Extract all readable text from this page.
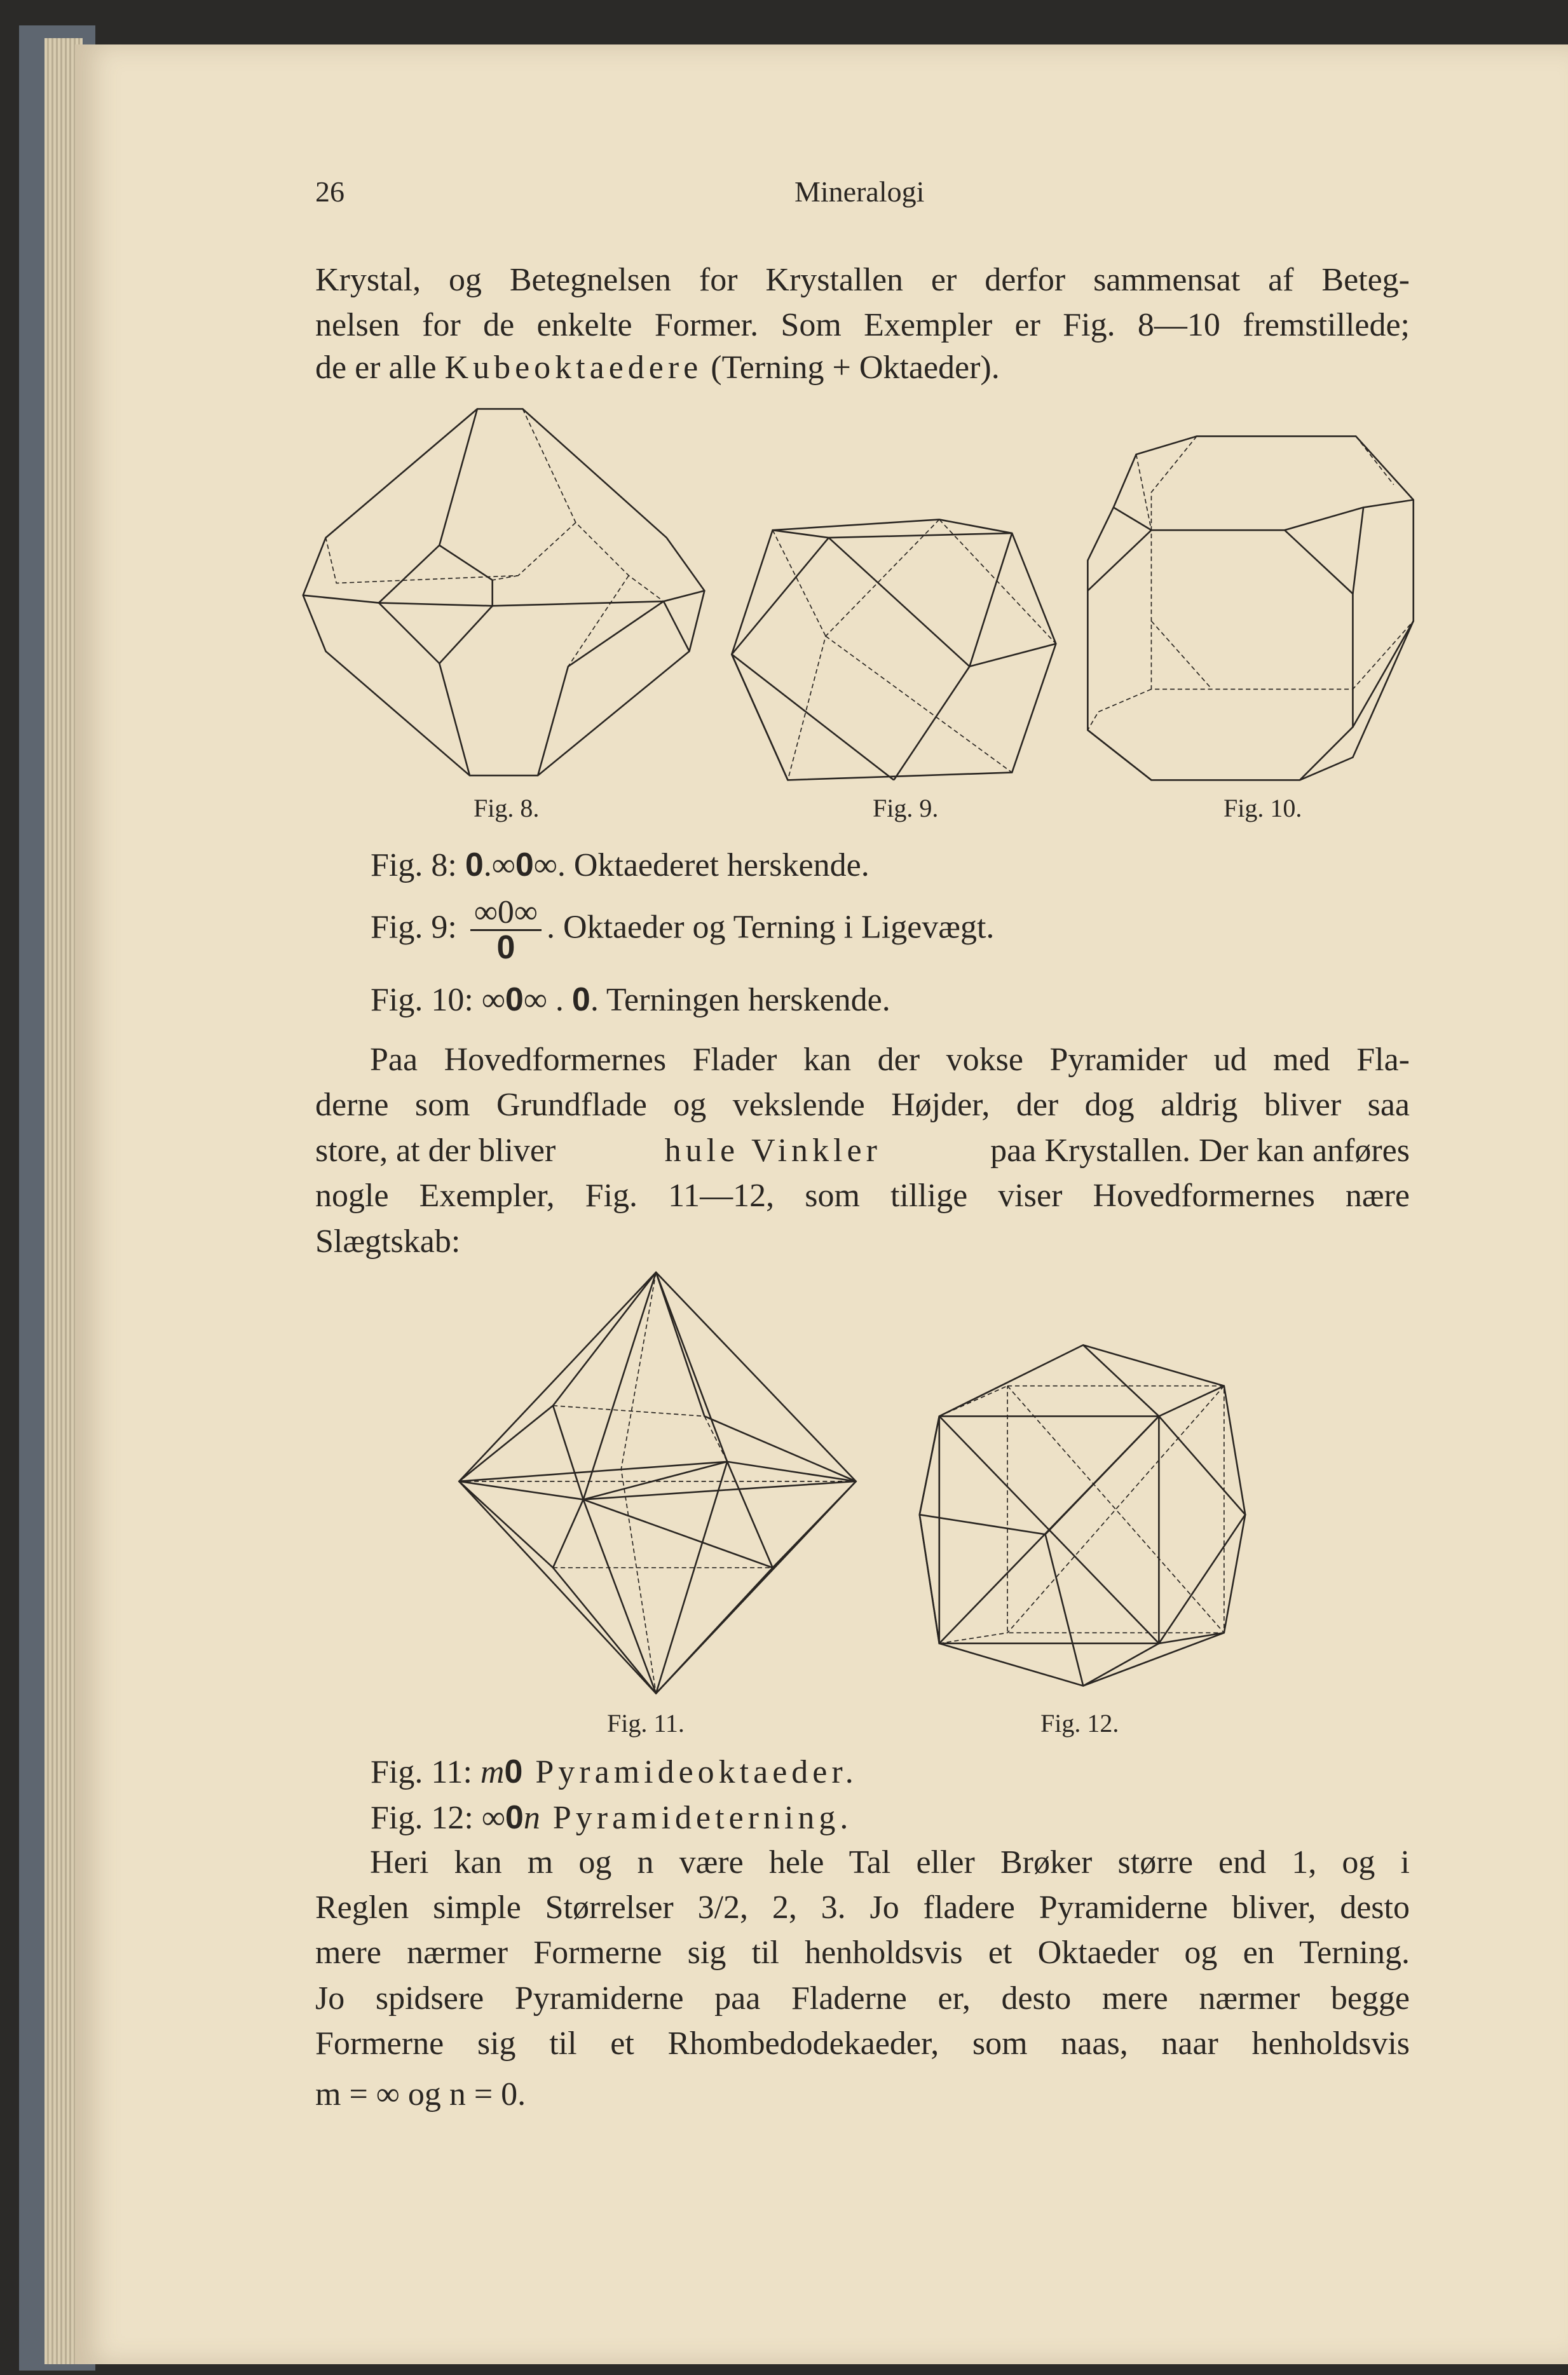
26	Mineralogi
Krystal, og Betegnelsen for Krystallen er derfor sammensat af Beteg-
nelsen for de enkelte Former. Som Exempler er Fig. 8—10 fremstillede;
de er alle Kubeoktaedere (Terning + Oktaeder).
Fig. 8.	Fig. 9.	Fig. 10.
Fig. 8: 0.∞0∞. Oktaederet herskende.
Fig. 9: $\frac{\infty 0\infty}{0}$ . Oktaeder og Terning i Ligevægt.
Fig. 10: ∞0∞ . 0. Terningen herskende.
Paa Hovedformernes Flader kan der vokse Pyramider ud med Fla-
derne som Grundflade og vekslende Højder, der dog aldrig bliver saa
store, at der bliver	hule Vinkler	paa Krystallen. Der kan anføres
nogle Exempler, Fig. 11—12, som tillige viser Hovedformernes nære
Slægtskab:
Fig. 11.	Fig. 12.
Fig. 11: m0 Pyramideoktaeder.
Fig. 12: ∞0n Pyramideterning.
Heri kan m og n være hele Tal eller Brøker større end 1, og i
Reglen simple Størrelser 3/2, 2, 3. Jo fladere Pyramiderne bliver, desto
mere nærmer Formerne sig til henholdsvis et Oktaeder og en Terning.
Jo spidsere Pyramiderne paa Fladerne er, desto mere nærmer begge
Formerne sig til et Rhombedodekaeder, som naas, naar henholdsvis
m = ∞ og n = 0.
